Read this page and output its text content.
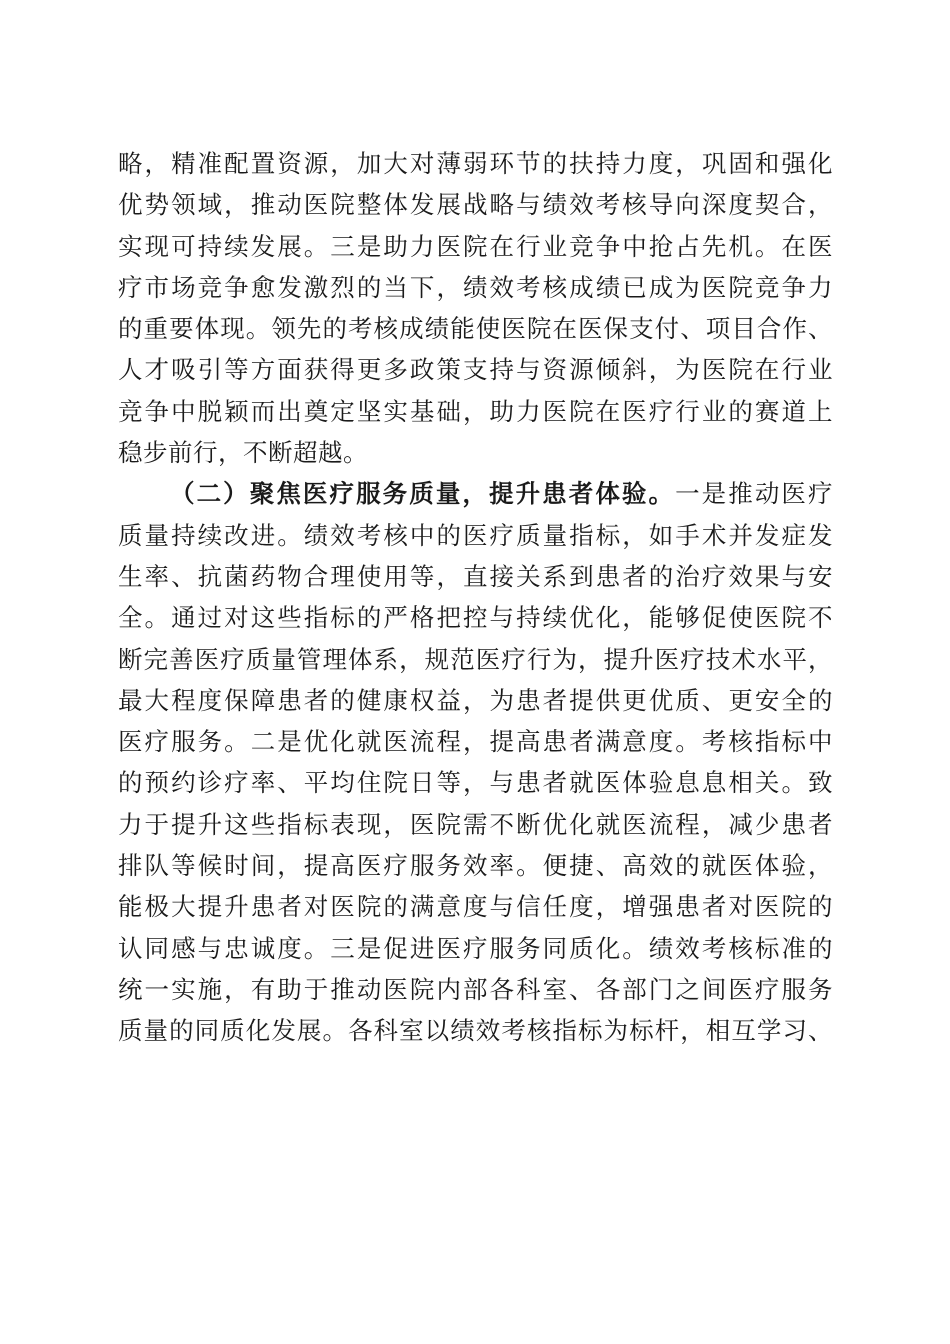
略，精准配置资源，加大对薄弱环节的扶持力度，巩固和强化
优势领域，推动医院整体发展战略与绩效考核导向深度契合，
实现可持续发展。三是助力医院在行业竞争中抢占先机。在医
疗市场竞争愈发激烈的当下，绩效考核成绩已成为医院竞争力
的重要体现。领先的考核成绩能使医院在医保支付、项目合作、
人才吸引等方面获得更多政策支持与资源倾斜，为医院在行业
竞争中脱颖而出奠定坚实基础，助力医院在医疗行业的赛道上
稳步前行，不断超越。
（二）聚焦医疗服务质量，提升患者体验。一是推动医疗
质量持续改进。绩效考核中的医疗质量指标，如手术并发症发
生率、抗菌药物合理使用等，直接关系到患者的治疗效果与安
全。通过对这些指标的严格把控与持续优化，能够促使医院不
断完善医疗质量管理体系，规范医疗行为，提升医疗技术水平，
最大程度保障患者的健康权益，为患者提供更优质、更安全的
医疗服务。二是优化就医流程，提高患者满意度。考核指标中
的预约诊疗率、平均住院日等，与患者就医体验息息相关。致
力于提升这些指标表现，医院需不断优化就医流程，减少患者
排队等候时间，提高医疗服务效率。便捷、高效的就医体验，
能极大提升患者对医院的满意度与信任度，增强患者对医院的
认同感与忠诚度。三是促进医疗服务同质化。绩效考核标准的
统一实施，有助于推动医院内部各科室、各部门之间医疗服务
质量的同质化发展。各科室以绩效考核指标为标杆，相互学习、
